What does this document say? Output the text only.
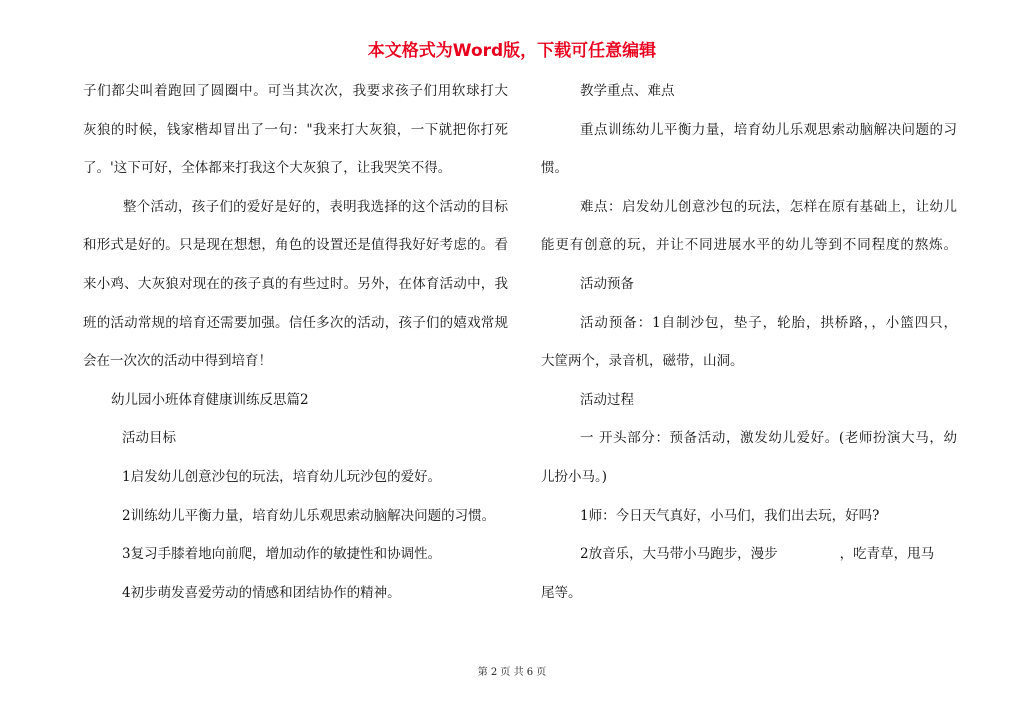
本文格式为Word版，下载可任意编辑
子们都尖叫着跑回了圆圈中。可当其次次，我要求孩子们用软球打大
灰狼的时候，钱家楷却冒出了一句："我来打大灰狼，一下就把你打死
了。'这下可好，全体都来打我这个大灰狼了，让我哭笑不得。
整个活动，孩子们的爱好是好的，表明我选择的这个活动的目标
和形式是好的。只是现在想想，角色的设置还是值得我好好考虑的。看
来小鸡、大灰狼对现在的孩子真的有些过时。另外，在体育活动中，我
班的活动常规的培育还需要加强。信任多次的活动，孩子们的嬉戏常规
会在一次次的活动中得到培育！
幼儿园小班体育健康训练反思篇2
活动目标
1启发幼儿创意沙包的玩法，培育幼儿玩沙包的爱好。
2训练幼儿平衡力量，培育幼儿乐观思索动脑解决问题的习惯。
3复习手膝着地向前爬，增加动作的敏捷性和协调性。
4初步萌发喜爱劳动的情感和团结协作的精神。
教学重点、难点
重点训练幼儿平衡力量，培育幼儿乐观思索动脑解决问题的习
惯。
难点：启发幼儿创意沙包的玩法，怎样在原有基础上，让幼儿
能更有创意的玩，并让不同进展水平的幼儿等到不同程度的熬炼。
活动预备
活动预备：1自制沙包，垫子，轮胎，拱桥路，，小篮四只，
大筐两个，录音机，磁带，山洞。
活动过程
一 开头部分：预备活动，激发幼儿爱好。(老师扮演大马，幼
儿扮小马。)
1师：今日天气真好，小马们，我们出去玩，好吗?
2放音乐，大马带小马跑步，漫步	，吃青草，甩马
尾等。
第 2 页 共 6 页
